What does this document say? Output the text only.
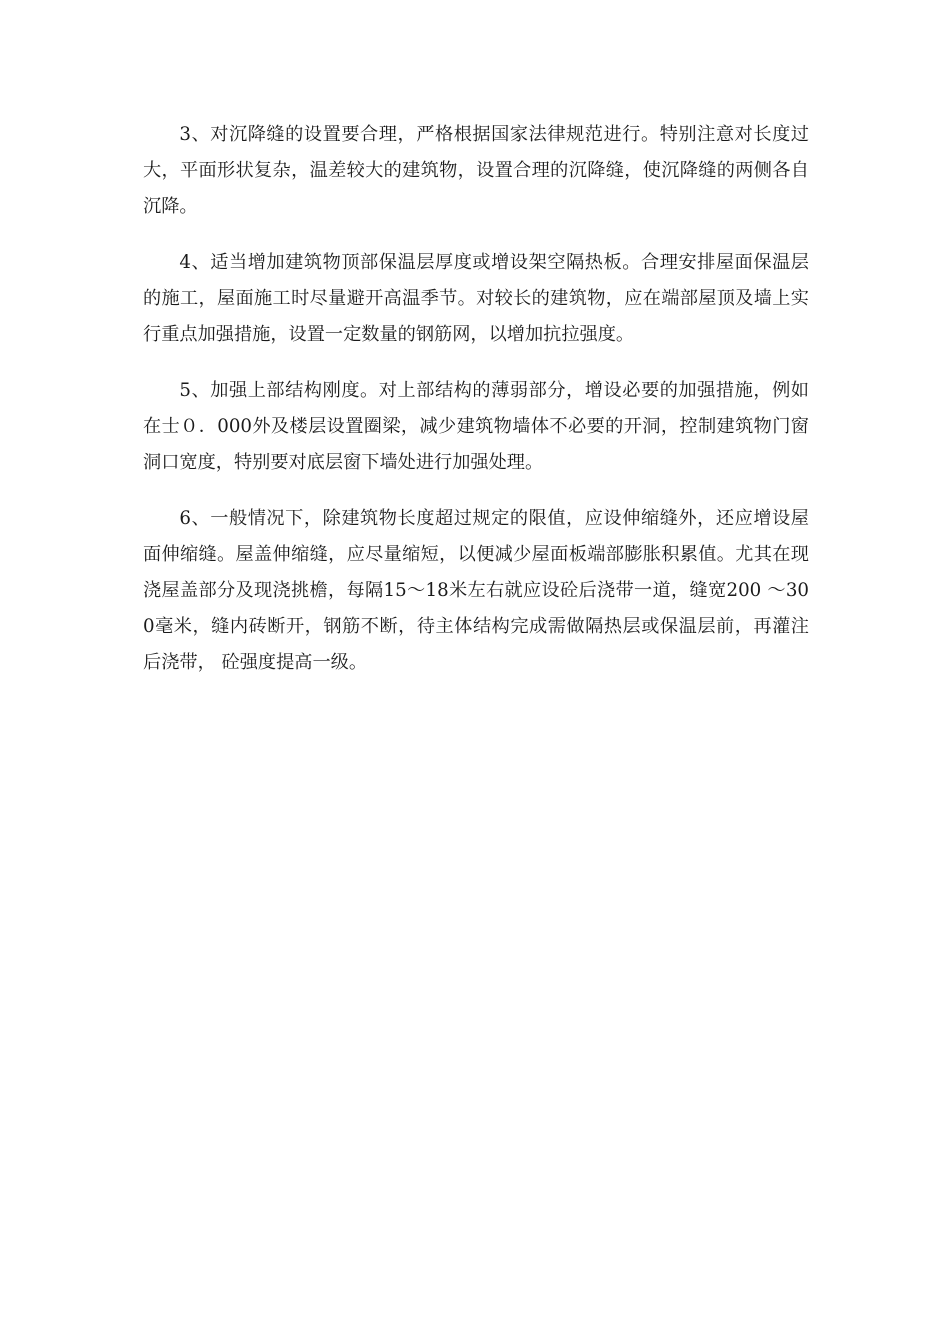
3、对沉降缝的设置要合理，严格根据国家法律规范进行。特别注意对长度过大，平面形状复杂，温差较大的建筑物，设置合理的沉降缝，使沉降缝的两侧各自沉降。

4、适当增加建筑物顶部保温层厚度或增设架空隔热板。合理安排屋面保温层的施工，屋面施工时尽量避开高温季节。对较长的建筑物，应在端部屋顶及墙上实行重点加强措施，设置一定数量的钢筋网，以增加抗拉强度。

5、加强上部结构刚度。对上部结构的薄弱部分，增设必要的加强措施，例如在士０．000外及楼层设置圈梁，减少建筑物墙体不必要的开洞，控制建筑物门窗洞口宽度，特别要对底层窗下墙处进行加强处理。

6、一般情况下，除建筑物长度超过规定的限值，应设伸缩缝外，还应增设屋面伸缩缝。屋盖伸缩缝，应尽量缩短，以便减少屋面板端部膨胀积累值。尤其在现浇屋盖部分及现浇挑檐，每隔15～18米左右就应设砼后浇带一道，缝宽200 ～300毫米，缝内砖断开，钢筋不断，待主体结构完成需做隔热层或保温层前，再灌注后浇带， 砼强度提高一级。
